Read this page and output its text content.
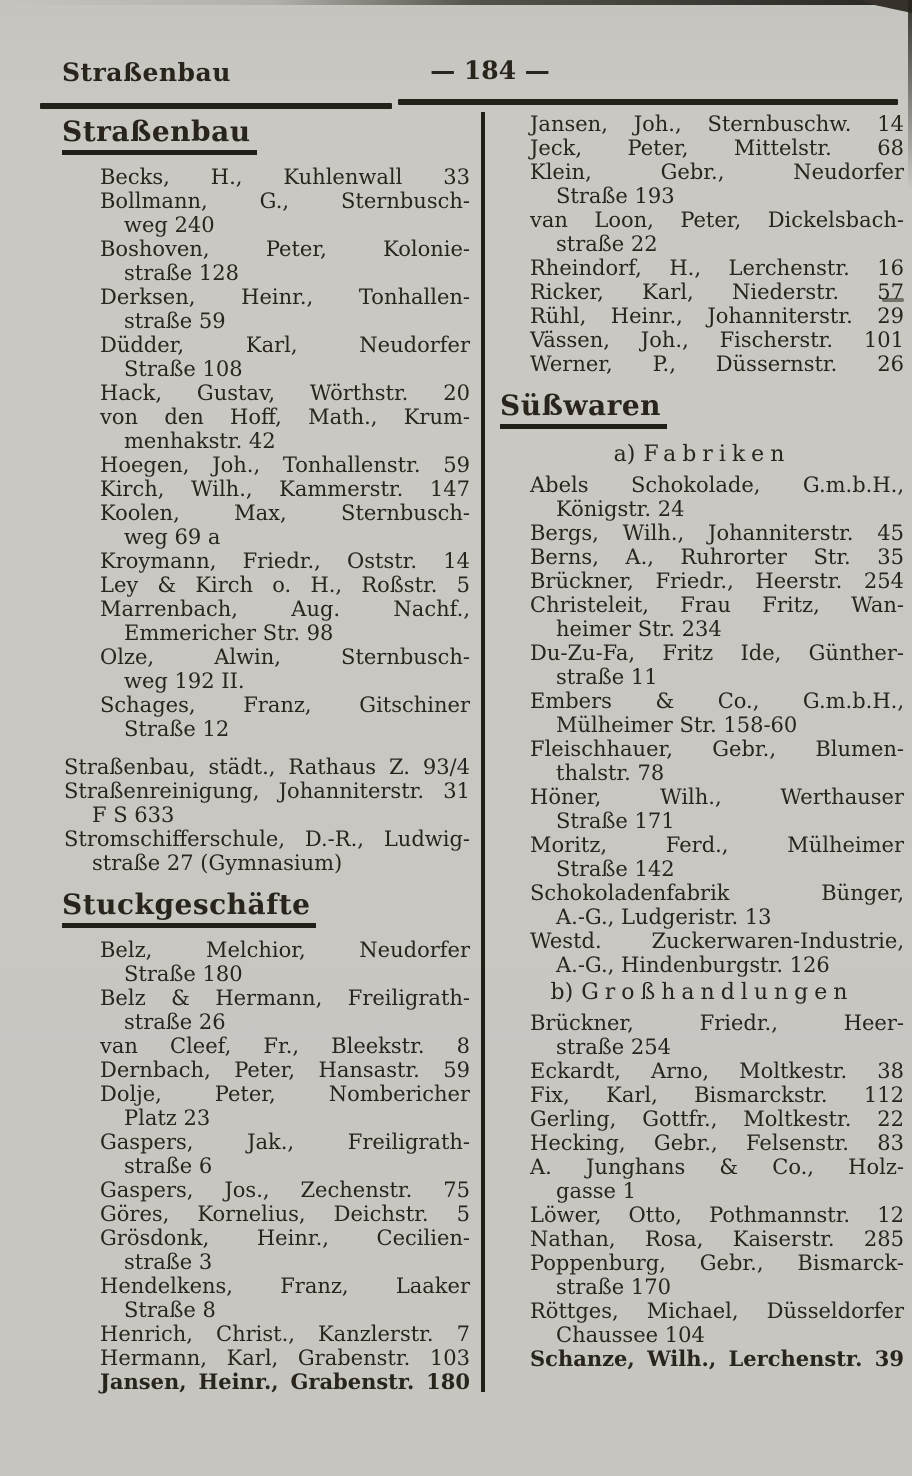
Straßenbau	— 184 —
Straßenbau

Becks, H., Kuhlenwall 33

Bollmann, G., Sternbusch-
weg 240

Boshoven, Peter, Kolonie-
straße 128

Derksen, Heinr., Tonhallen-
straße 59

Düdder, Karl, Neudorfer
Straße 108

Hack, Gustav, Wörthstr. 20

von den Hoff, Math., Krum-
menhakstr. 42

Hoegen, Joh., Tonhallenstr. 59

Kirch, Wilh., Kammerstr. 147

Koolen, Max, Sternbusch-
weg 69 a

Kroymann, Friedr., Oststr. 14

Ley & Kirch o. H., Roßstr. 5

Marrenbach, Aug. Nachf.,
Emmericher Str. 98

Olze, Alwin, Sternbusch-
weg 192 II.

Schages, Franz, Gitschiner
Straße 12

Straßenbau, städt., Rathaus Z. 93/4

Straßenreinigung, Johanniterstr. 31
F S 633

Stromschifferschule, D.-R., Ludwig-
straße 27 (Gymnasium)

Stuckgeschäfte

Belz, Melchior, Neudorfer
Straße 180

Belz & Hermann, Freiligrath-
straße 26

van Cleef, Fr., Bleekstr. 8

Dernbach, Peter, Hansastr. 59

Dolje, Peter, Nombericher
Platz 23

Gaspers, Jak., Freiligrath-
straße 6

Gaspers, Jos., Zechenstr. 75

Göres, Kornelius, Deichstr. 5

Grösdonk, Heinr., Cecilien-
straße 3

Hendelkens, Franz, Laaker
Straße 8

Henrich, Christ., Kanzlerstr. 7

Hermann, Karl, Grabenstr. 103

Jansen, Heinr., Grabenstr. 180

Jansen, Joh., Sternbuschw. 14

Jeck, Peter, Mittelstr. 68

Klein, Gebr., Neudorfer
Straße 193

van Loon, Peter, Dickelsbach-
straße 22

Rheindorf, H., Lerchenstr. 16

Ricker, Karl, Niederstr. 57

Rühl, Heinr., Johanniterstr. 29

Vässen, Joh., Fischerstr. 101

Werner, P., Düssernstr. 26

Süßwaren
a) Fabriken

Abels Schokolade, G.m.b.H.,
Königstr. 24

Bergs, Wilh., Johanniterstr. 45

Berns, A., Ruhrorter Str. 35

Brückner, Friedr., Heerstr. 254

Christeleit, Frau Fritz, Wan-
heimer Str. 234

Du-Zu-Fa, Fritz Ide, Günther-
straße 11

Embers & Co., G.m.b.H.,
Mülheimer Str. 158-60

Fleischhauer, Gebr., Blumen-
thalstr. 78

Höner, Wilh., Werthauser
Straße 171

Moritz, Ferd., Mülheimer
Straße 142

Schokoladenfabrik Bünger,
A.-G., Ludgeristr. 13

Westd. Zuckerwaren-Industrie,
A.-G., Hindenburgstr. 126

b) Großhandlungen

Brückner, Friedr., Heer-
straße 254

Eckardt, Arno, Moltkestr. 38

Fix, Karl, Bismarckstr. 112

Gerling, Gottfr., Moltkestr. 22

Hecking, Gebr., Felsenstr. 83

A. Junghans & Co., Holz-
gasse 1

Löwer, Otto, Pothmannstr. 12

Nathan, Rosa, Kaiserstr. 285

Poppenburg, Gebr., Bismarck-
straße 170

Röttges, Michael, Düsseldorfer
Chaussee 104

Schanze, Wilh., Lerchenstr. 39
